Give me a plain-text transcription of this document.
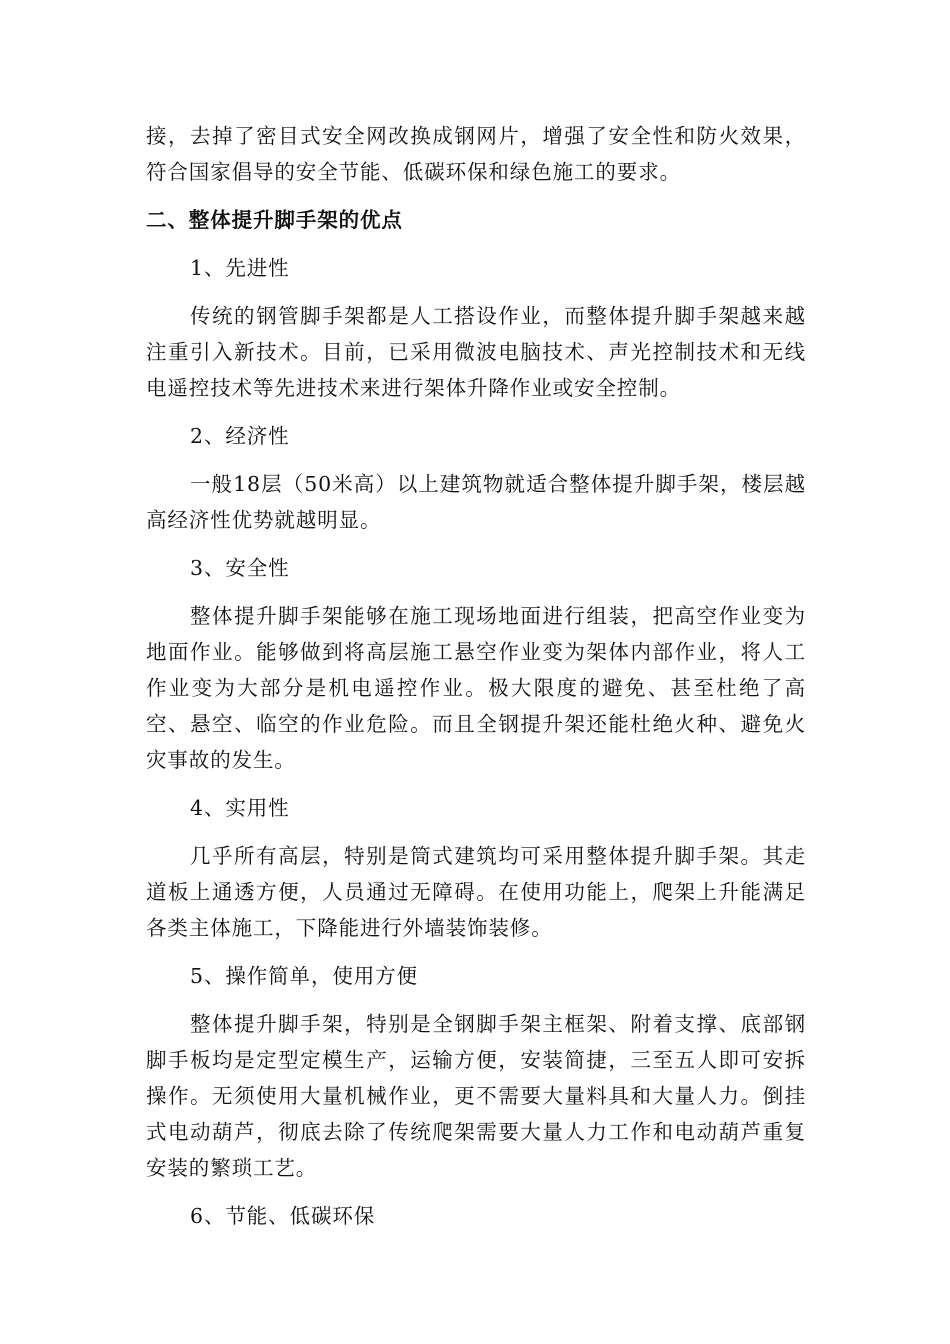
接，去掉了密目式安全网改换成钢网片，增强了安全性和防火效果，符合国家倡导的安全节能、低碳环保和绿色施工的要求。

二、整体提升脚手架的优点

1、先进性

传统的钢管脚手架都是人工搭设作业，而整体提升脚手架越来越注重引入新技术。目前，已采用微波电脑技术、声光控制技术和无线电遥控技术等先进技术来进行架体升降作业或安全控制。

2、经济性

一般18层（50米高）以上建筑物就适合整体提升脚手架，楼层越高经济性优势就越明显。

3、安全性

整体提升脚手架能够在施工现场地面进行组装，把高空作业变为地面作业。能够做到将高层施工悬空作业变为架体内部作业，将人工作业变为大部分是机电遥控作业。极大限度的避免、甚至杜绝了高空、悬空、临空的作业危险。而且全钢提升架还能杜绝火种、避免火灾事故的发生。

4、实用性

几乎所有高层，特别是筒式建筑均可采用整体提升脚手架。其走道板上通透方便，人员通过无障碍。在使用功能上，爬架上升能满足各类主体施工，下降能进行外墙装饰装修。

5、操作简单，使用方便

整体提升脚手架，特别是全钢脚手架主框架、附着支撑、底部钢脚手板均是定型定模生产，运输方便，安装简捷，三至五人即可安拆操作。无须使用大量机械作业，更不需要大量料具和大量人力。倒挂式电动葫芦，彻底去除了传统爬架需要大量人力工作和电动葫芦重复安装的繁琐工艺。

6、节能、低碳环保
